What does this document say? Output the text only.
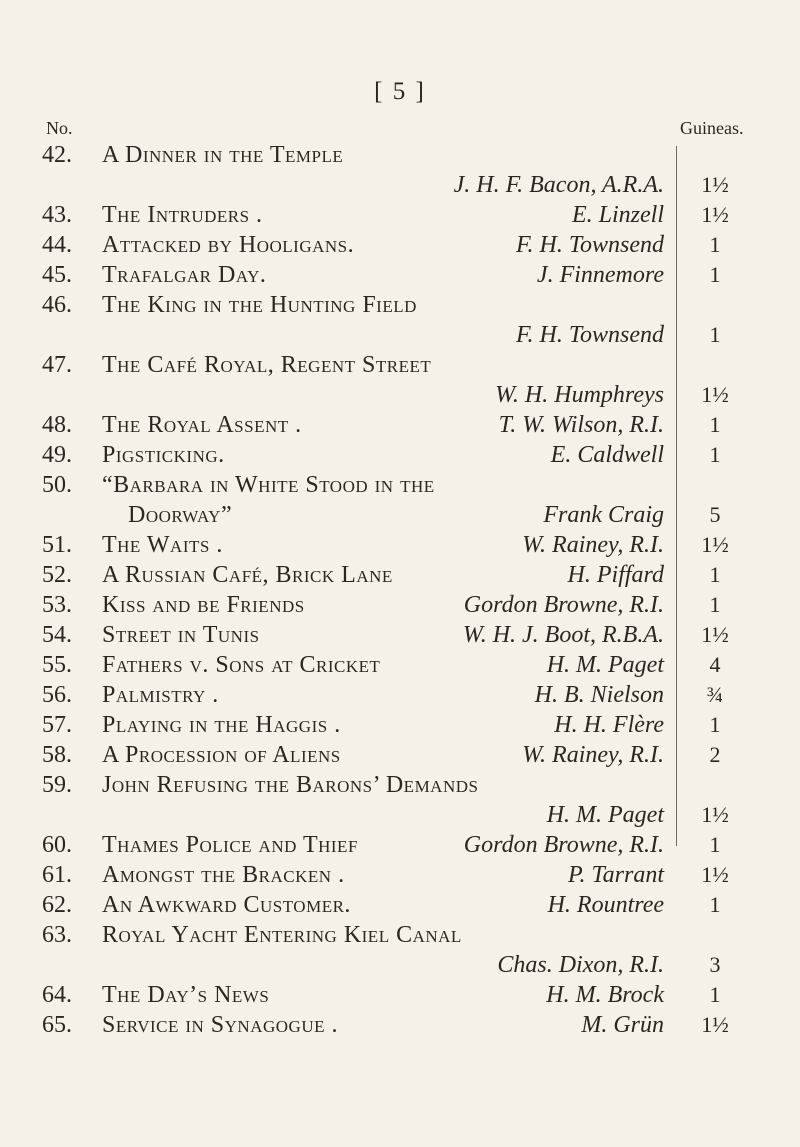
[ 5 ]
No.	Guineas.
42. A Dinner in the Temple
J. H. F. Bacon, A.R.A.	1½
43. The Intruders .	E. Linzell	1½
44. Attacked by Hooligans.	F. H. Townsend	1
45. Trafalgar Day.	J. Finnemore	1
46. The King in the Hunting Field
F. H. Townsend	1
47. The Café Royal, Regent Street
W. H. Humphreys	1½
48. The Royal Assent .	T. W. Wilson, R.I.	1
49. Pigsticking.	E. Caldwell	1
50. “Barbara in White Stood in the
Doorway”	Frank Craig	5
51. The Waits .	W. Rainey, R.I.	1½
52. A Russian Café, Brick Lane	H. Piffard	1
53. Kiss and be Friends	Gordon Browne, R.I.	1
54. Street in Tunis	W. H. J. Boot, R.B.A.	1½
55. Fathers v. Sons at Cricket	H. M. Paget	4
56. Palmistry .	H. B. Nielson	¾
57. Playing in the Haggis .	H. H. Flère	1
58. A Procession of Aliens	W. Rainey, R.I.	2
59. John Refusing the Barons’ Demands
H. M. Paget	1½
60. Thames Police and Thief	Gordon Browne, R.I.	1
61. Amongst the Bracken .	P. Tarrant	1½
62. An Awkward Customer.	H. Rountree	1
63. Royal Yacht Entering Kiel Canal
Chas. Dixon, R.I.	3
64. The Day’s News	H. M. Brock	1
65. Service in Synagogue .	M. Grün	1½
